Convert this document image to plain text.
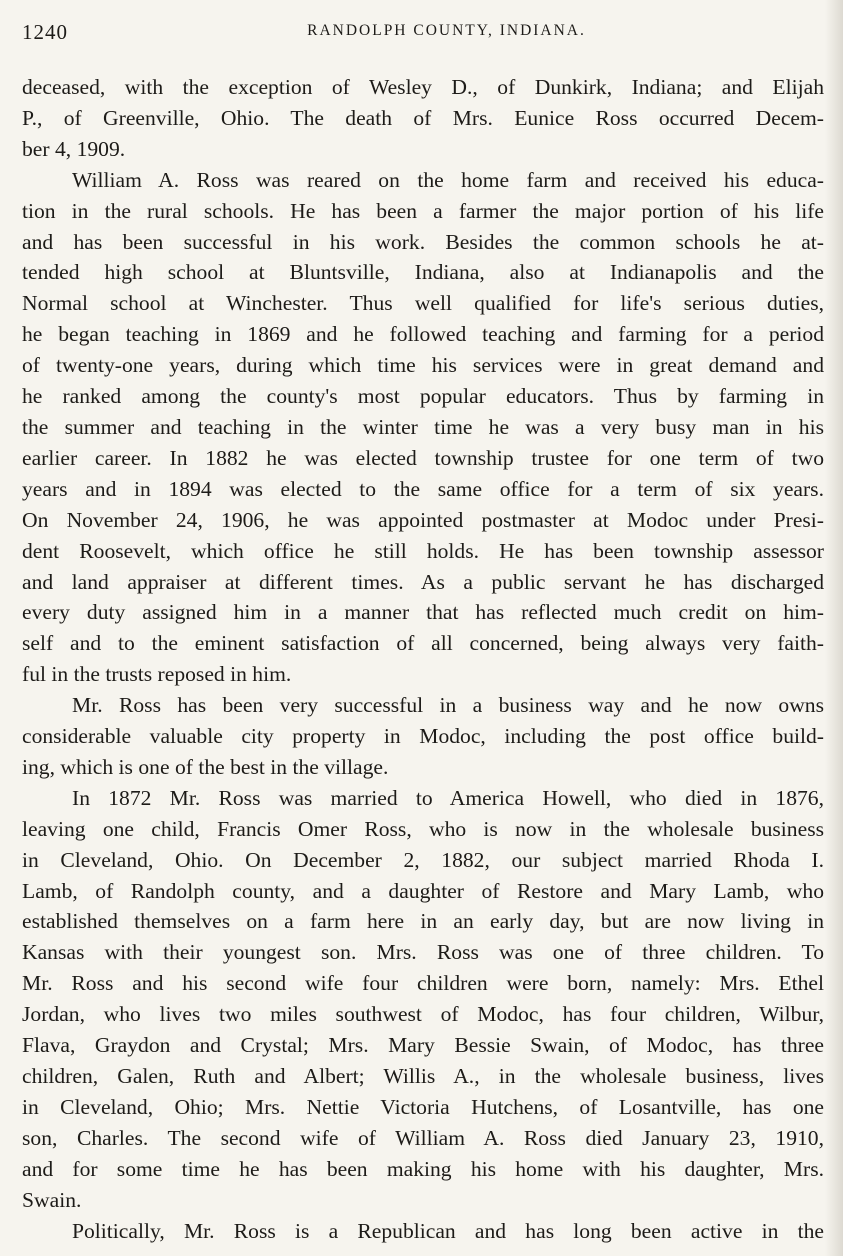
1240	RANDOLPH COUNTY, INDIANA.
deceased, with the exception of Wesley D., of Dunkirk, Indiana; and Elijah
P., of Greenville, Ohio. The death of Mrs. Eunice Ross occurred Decem-
ber 4, 1909.
William A. Ross was reared on the home farm and received his educa-
tion in the rural schools. He has been a farmer the major portion of his life
and has been successful in his work. Besides the common schools he at-
tended high school at Bluntsville, Indiana, also at Indianapolis and the
Normal school at Winchester. Thus well qualified for life's serious duties,
he began teaching in 1869 and he followed teaching and farming for a period
of twenty-one years, during which time his services were in great demand and
he ranked among the county's most popular educators. Thus by farming in
the summer and teaching in the winter time he was a very busy man in his
earlier career. In 1882 he was elected township trustee for one term of two
years and in 1894 was elected to the same office for a term of six years.
On November 24, 1906, he was appointed postmaster at Modoc under Presi-
dent Roosevelt, which office he still holds. He has been township assessor
and land appraiser at different times. As a public servant he has discharged
every duty assigned him in a manner that has reflected much credit on him-
self and to the eminent satisfaction of all concerned, being always very faith-
ful in the trusts reposed in him.
Mr. Ross has been very successful in a business way and he now owns
considerable valuable city property in Modoc, including the post office build-
ing, which is one of the best in the village.
In 1872 Mr. Ross was married to America Howell, who died in 1876,
leaving one child, Francis Omer Ross, who is now in the wholesale business
in Cleveland, Ohio. On December 2, 1882, our subject married Rhoda I.
Lamb, of Randolph county, and a daughter of Restore and Mary Lamb, who
established themselves on a farm here in an early day, but are now living in
Kansas with their youngest son. Mrs. Ross was one of three children. To
Mr. Ross and his second wife four children were born, namely: Mrs. Ethel
Jordan, who lives two miles southwest of Modoc, has four children, Wilbur,
Flava, Graydon and Crystal; Mrs. Mary Bessie Swain, of Modoc, has three
children, Galen, Ruth and Albert; Willis A., in the wholesale business, lives
in Cleveland, Ohio; Mrs. Nettie Victoria Hutchens, of Losantville, has one
son, Charles. The second wife of William A. Ross died January 23, 1910,
and for some time he has been making his home with his daughter, Mrs.
Swain.
Politically, Mr. Ross is a Republican and has long been active in the
